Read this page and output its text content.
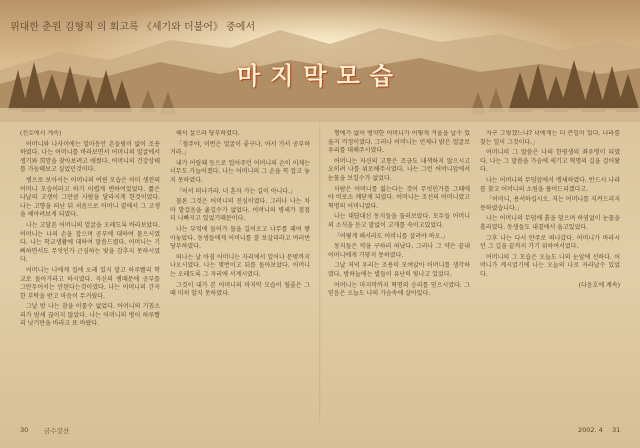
위대한 춘원 김형직 의 회고록 《세기와 더불어》 중에서
마지막모습

(전호에서 계속)

어머니와 나사이에는 얼마동안 흔들림이 없이 조용하였다. 나는 어머니를 바라보면서 어머니의 얼굴에서 생기와 희망을 찾아보려고 애썼다. 어머니의 건강상태를 가늠해보고 싶었던것이다.

병으로 보아서는 어머니의 여윈 모습은 이미 생전의 어머니 모습이라고 하기 어렵게 변하여있었다. 짧은 나날의 고생이 그만큼 사람을 달라지게 한것이였다. 나는 고향을 떠난 뒤 처음으로 어머니 곁에서 그 고생을 헤아려보게 되였다.

나는 고달픈 어머니의 얼굴을 오래도록 바라보았다. 어머니는 나의 손을 잡으며 공부에 대하여 물으시였다. 나는 학교생활에 대하여 말씀드렸다. 어머니는 기뻐하면서도 무엇인가 근심하는 빛을 감추지 못하시였다.

어머니는 나에게 집에 오래 있지 말고 하루빨리 학교로 돌아가라고 하시였다. 자신의 병때문에 공부를 그만두어서는 안된다는것이였다. 나는 어머니의 간곡한 부탁을 받고 마음이 무거웠다.

그날 밤 나는 잠을 이룰수 없었다. 어머니의 기침소리가 밤새 끊이지 않았다. 나는 어머니의 병이 하루빨리 낫기만을 바라고 또 바랐다.

해서 살으라 당부하였다.

「철주야, 이번은 얼굴이 좋구나. 어서 가서 공부하거라.」

내가 어릴때 등으로 업어주던 어머니의 손이 이제는 너무도 가늘어졌다. 나는 어머니의 그 손을 꼭 잡고 놓지 못하였다.

「어서 떠나거라. 너 혼자 가는 길이 아니다.」

물론 그것은 어머니의 진심이였다. 그러나 나는 차마 발걸음을 옮길수가 없었다. 어머니의 병세가 점점 더 나빠지고 있었기때문이다.

나는 부엌에 들어가 물을 길어오고 나무를 패여 쌓아놓았다. 동생들에게 어머니를 잘 보살피라고 여러번 당부하였다.

떠나는 날 아침 어머니는 자리에서 일어나 문밖까지 나오시였다. 나는 몇번이고 뒤를 돌아보았다. 어머니는 오래도록 그 자리에 서계시였다.

그것이 내가 본 어머니의 마지막 모습이 될줄은 그때 미처 알지 못하였다.

행에가 없어 병약한 어머니가 어떻게 겨울을 날수 있을지 걱정이였다. 그러나 어머니는 언제나 밝은 얼굴로 우리를 대해주시였다.

어머니는 자신의 고통은 조금도 내색하지 않으시고 오히려 나를 위로해주시였다. 나는 그런 어머니앞에서 눈물을 보일수가 없었다.

사람은 어머니를 잃는다는 것이 무엇인가를 그때에야 비로소 깨닫게 되였다. 어머니는 조선의 어머니였고 혁명의 어머니였다.

나는 대답대신 동지들을 둘러보았다. 모두들 어머니의 소식을 듣고 말없이 고개를 숙이고있었다.

「어떻게 해서라도 어머니를 살려야 하오.」

동지들은 약을 구하러 떠났다. 그러나 그 약은 끝내 어머니에게 가닿지 못하였다.

그날 저녁 우리는 조용히 모여앉아 어머니를 생각하였다. 밤하늘에는 별들이 유난히 빛나고 있었다.

어머니는 마지막까지 혁명의 승리를 믿으시였다. 그 믿음은 오늘도 나의 가슴속에 살아있다.

자구 그렇겠느냐? 너에게는 더 큰일이 있다. 나라를 찾는 일이 그것이다.」

어머니의 그 말씀은 나의 한평생의 좌우명이 되였다. 나는 그 말씀을 가슴에 새기고 혁명의 길을 걸어왔다.

나는 어머니의 무덤앞에서 맹세하였다. 반드시 나라를 찾고 어머니의 소원을 풀어드리겠다고.

「어머니, 용서하십시오. 저는 어머니를 지켜드리지 못하였습니다.」

나는 어머니의 무덤에 흙을 덮으며 하염없이 눈물을 흘리였다. 동생들도 내곁에서 울고있었다.

그후 나는 다시 만주로 떠나갔다. 어머니가 바라시던 그 길을 끝까지 가기 위하여서였다.

어머니의 그 모습은 오늘도 나의 눈앞에 선하다. 어머니가 계시였기에 나는 오늘의 나로 자라날수 있었다.

(다음호에 계속)

30 금수강산	2002. 4 31
